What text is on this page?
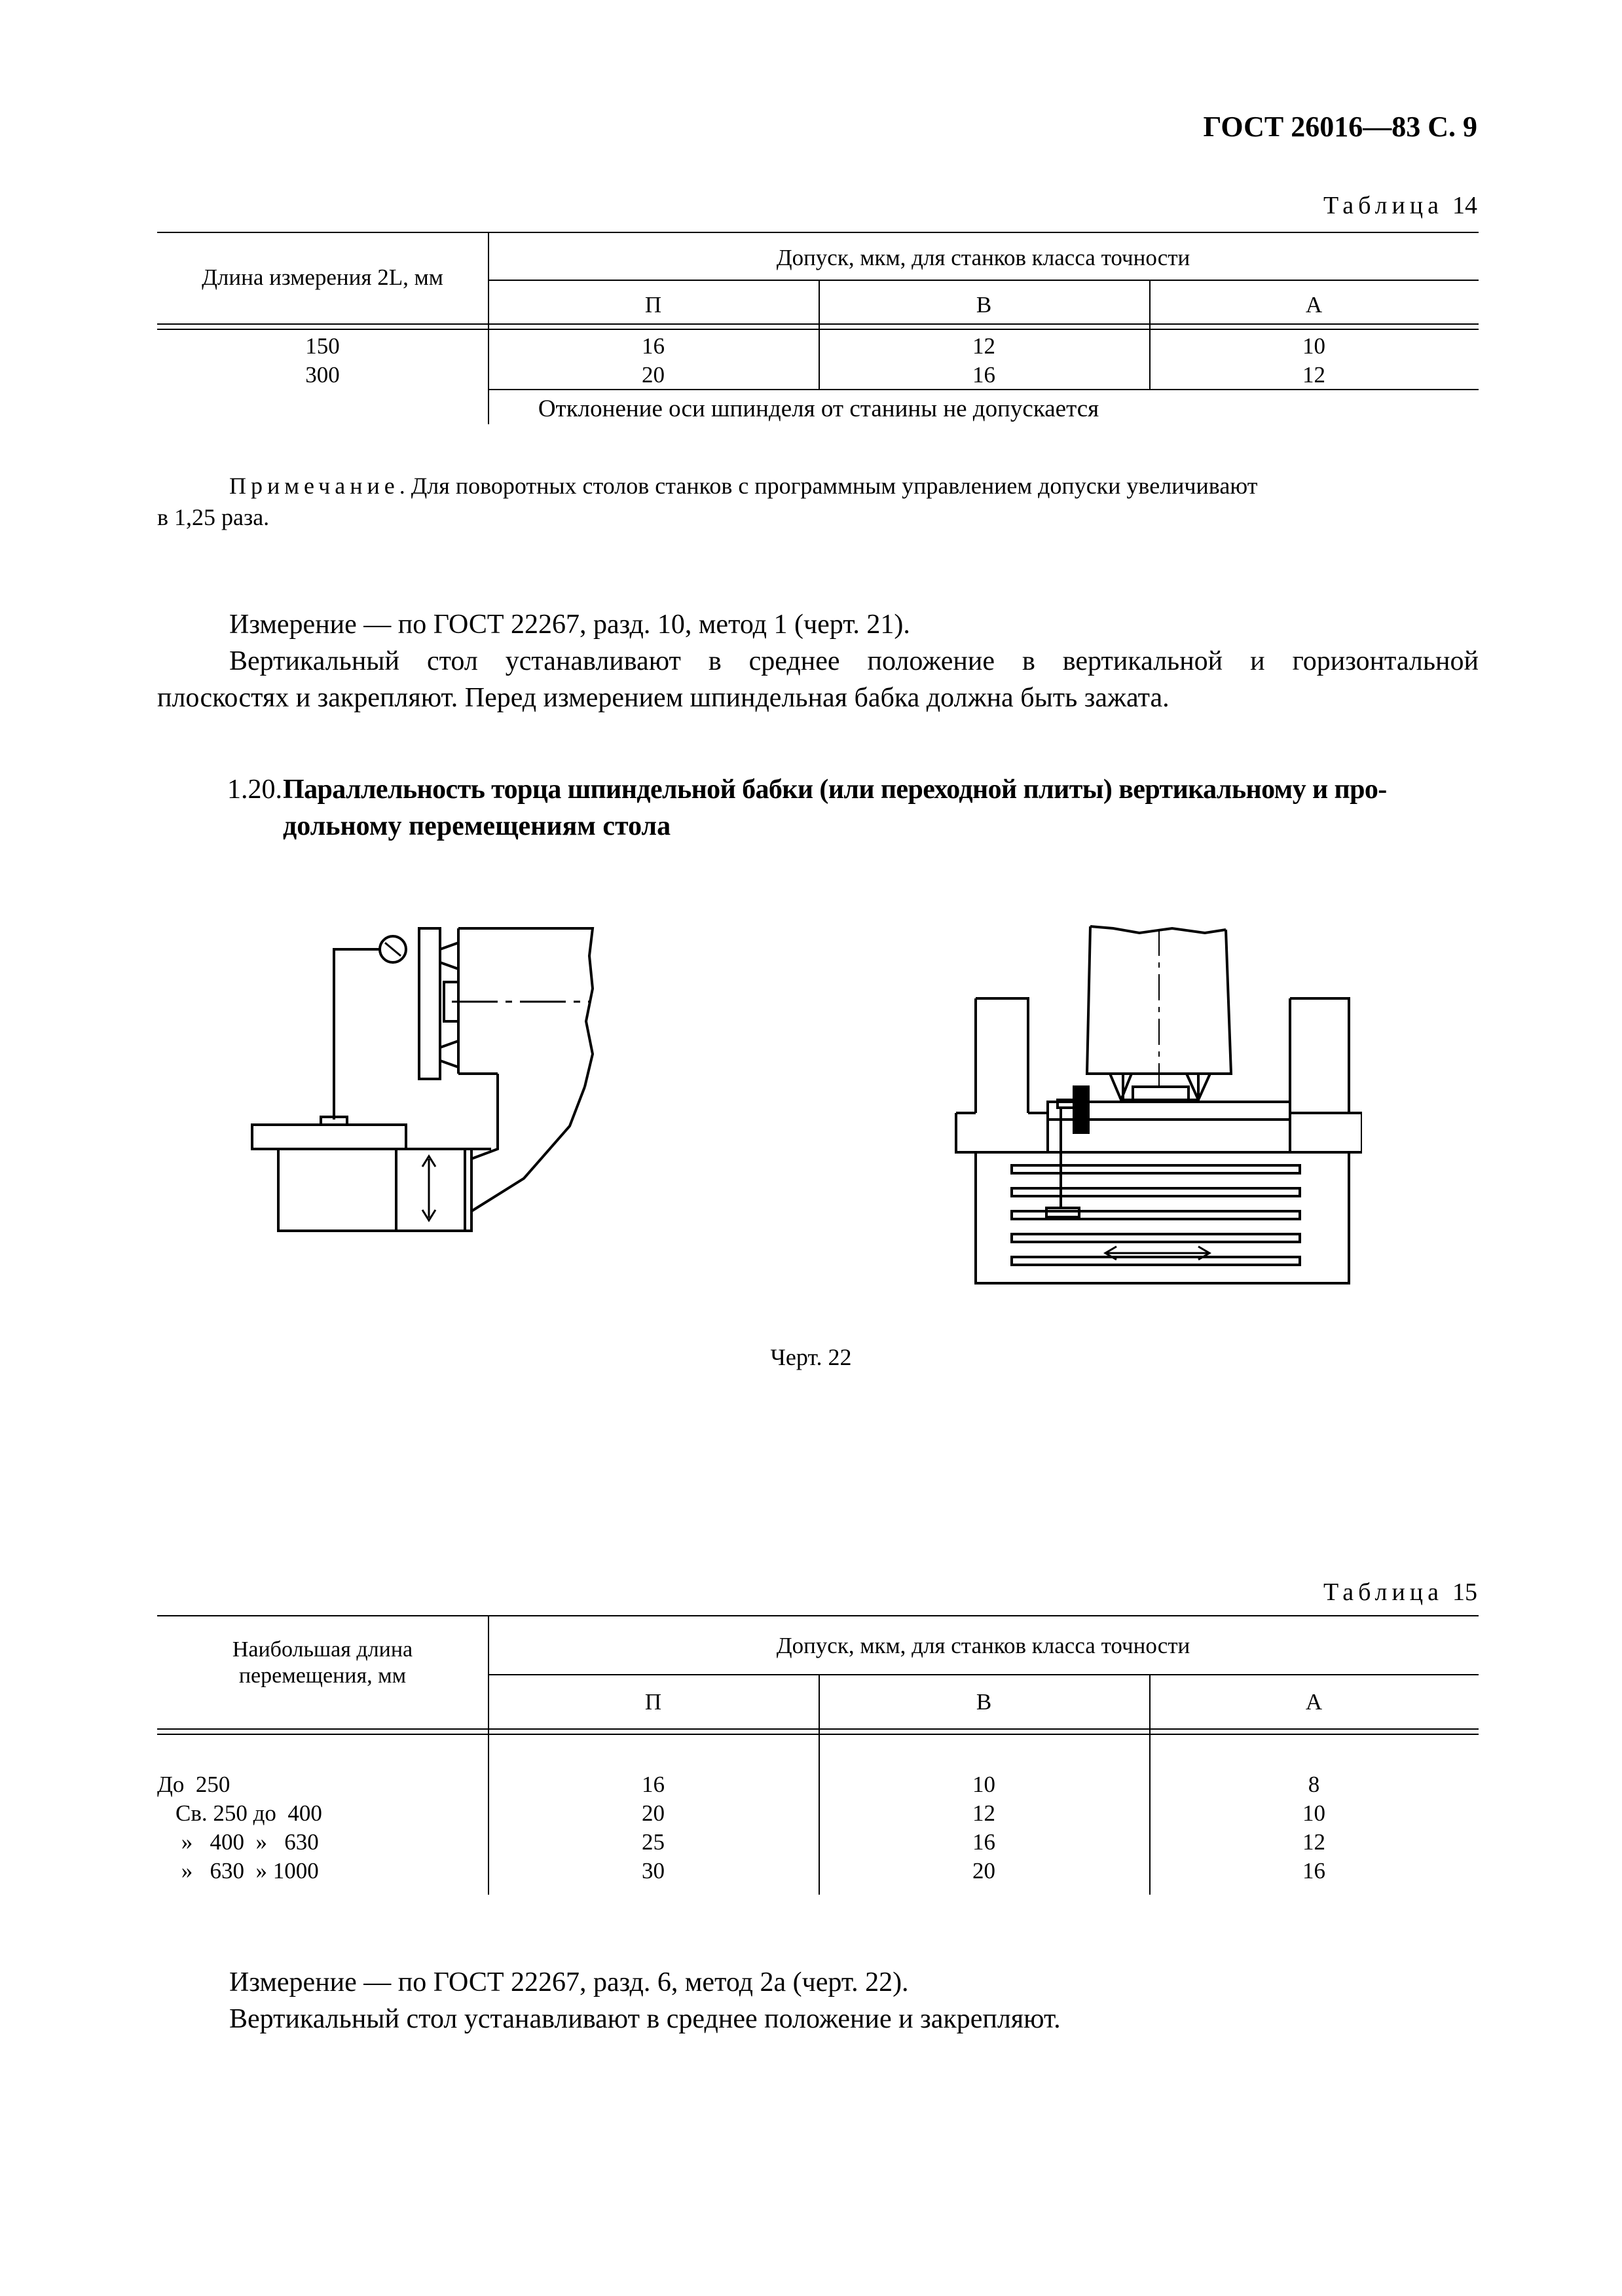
ГОСТ 26016—83 С. 9
Таблица 14
Длина измерения 2L, мм
Допуск, мкм, для станков класса точности
П	В	А
150	16	12	10
300	20	16	12
Отклонение оси шпинделя от станины не допускается
Примечание. Для поворотных столов станков с программным управлением допуски увеличивают
в 1,25 раза.
Измерение — по ГОСТ 22267, разд. 10, метод 1 (черт. 21).
Вертикальный стол устанавливают в среднее положение в вертикальной и горизонтальной
плоскостях и закрепляют. Перед измерением шпиндельная бабка должна быть зажата.
1.20.Параллельность торца шпиндельной бабки (или переходной плиты) вертикальному и про-
дольному перемещениям стола
Черт. 22
Таблица 15
Наибольшая длина
перемещения, мм
Допуск, мкм, для станков класса точности
П	В	А
До  250	16	10	8
Св. 250 до  400	20	12	10
»   400  »   630	25	16	12
»   630  » 1000	30	20	16
Измерение — по ГОСТ 22267, разд. 6, метод 2а (черт. 22).
Вертикальный стол устанавливают в среднее положение и закрепляют.
